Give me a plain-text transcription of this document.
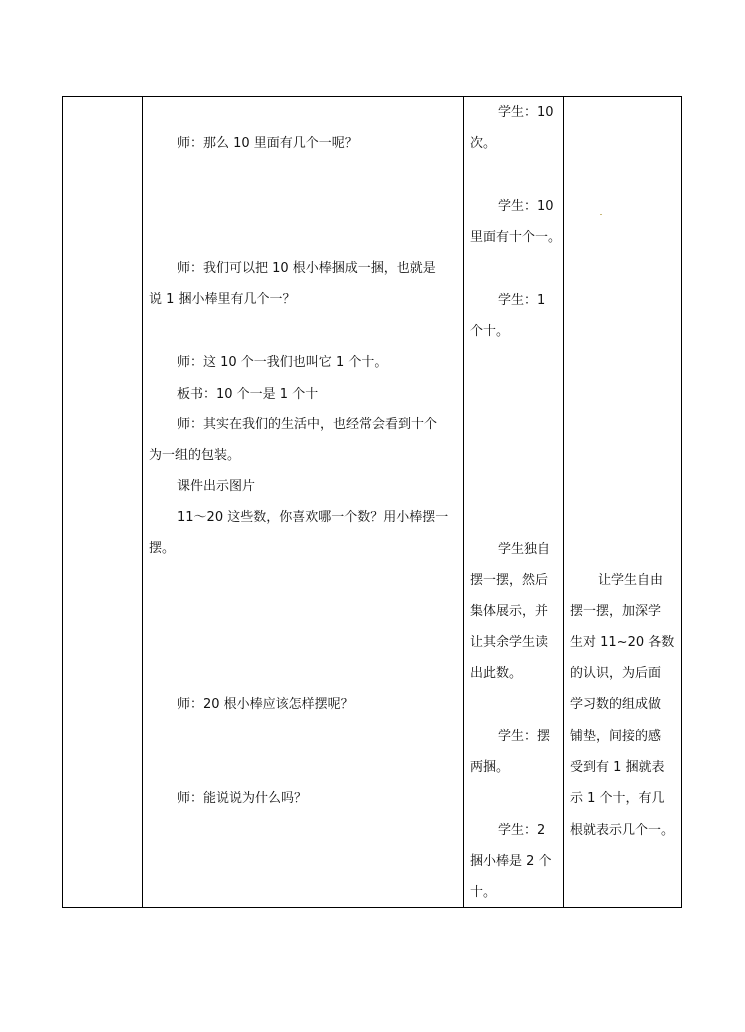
师：那么 10 里面有几个一呢？
师：我们可以把 10 根小棒捆成一捆，也就是
说 1 捆小棒里有几个一？
师：这 10 个一我们也叫它 1 个十。
板书：10 个一是 1 个十
师：其实在我们的生活中，也经常会看到十个
为一组的包装。
课件出示图片
11～20 这些数，你喜欢哪一个数？用小棒摆一
摆。
师：20 根小棒应该怎样摆呢？
师：能说说为什么吗？
学生：10
次。
学生：10
里面有十个一。
学生：1
个十。
学生独自
摆一摆，然后
集体展示，并
让其余学生读
出此数。
学生：摆
两捆。
学生：2
捆小棒是 2 个
十。
让学生自由
摆一摆，加深学
生对 11~20 各数
的认识，为后面
学习数的组成做
铺垫，间接的感
受到有 1 捆就表
示 1 个十，有几
根就表示几个一。
